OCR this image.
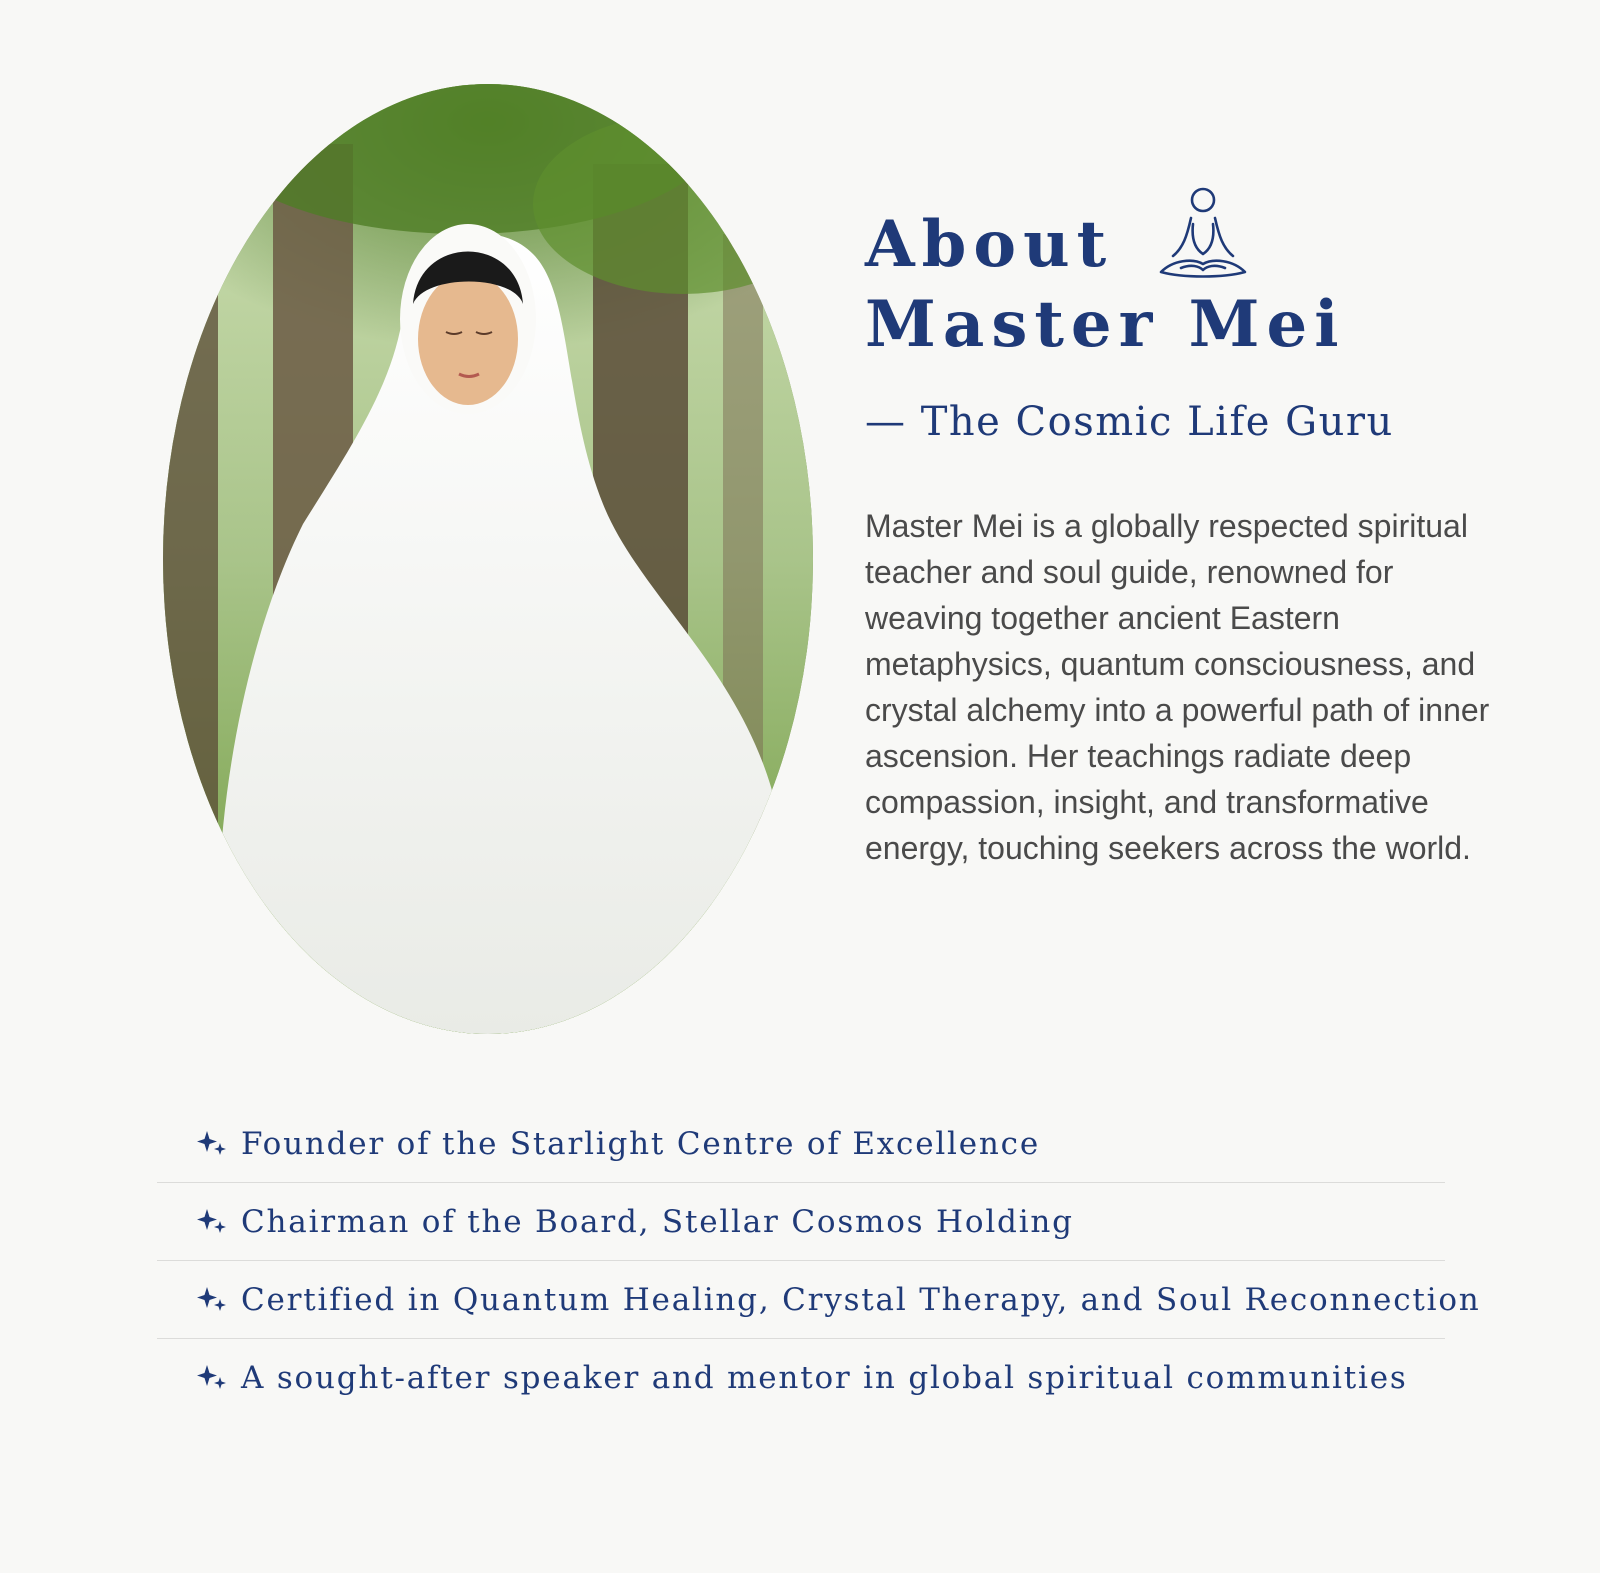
About
Master Mei
— The Cosmic Life Guru

Master Mei is a globally respected spiritual teacher and soul guide, renowned for weaving together ancient Eastern metaphysics, quantum consciousness, and crystal alchemy into a powerful path of inner ascension. Her teachings radiate deep compassion, insight, and transformative energy, touching seekers across the world.

Founder of the Starlight Centre of Excellence
Chairman of the Board, Stellar Cosmos Holding
Certified in Quantum Healing, Crystal Therapy, and Soul Reconnection
A sought-after speaker and mentor in global spiritual communities
